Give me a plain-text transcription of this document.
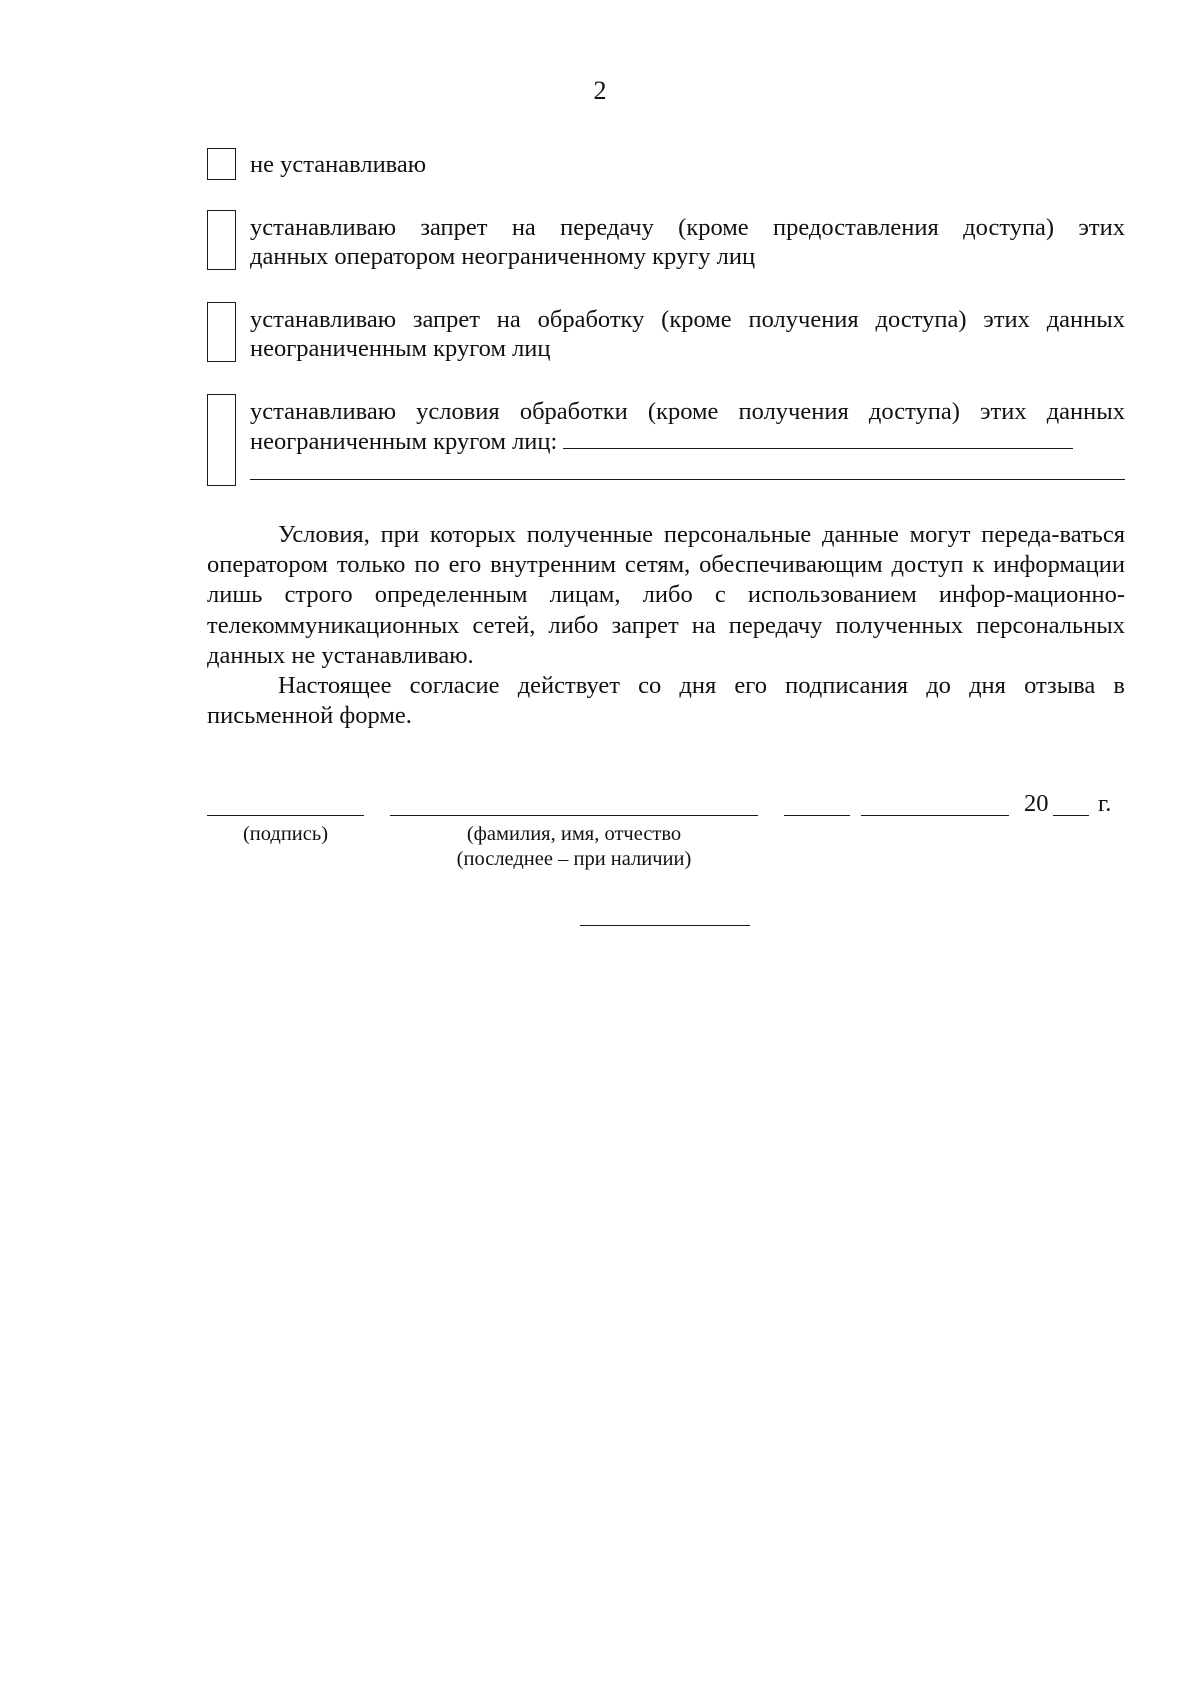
2
не устанавливаю
устанавливаю запрет на передачу (кроме предоставления доступа) этих
данных оператором неограниченному кругу лиц
устанавливаю запрет на обработку (кроме получения доступа) этих данных
неограниченным кругом лиц
устанавливаю условия обработки (кроме получения доступа) этих данных
неограниченным кругом лиц:
Условия, при которых полученные персональные данные могут переда-ваться оператором только по его внутренним сетям, обеспечивающим доступ к информации лишь строго определенным лицам, либо с использованием инфор-мационно-телекоммуникационных сетей, либо запрет на передачу полученных персональных данных не устанавливаю.
Настоящее согласие действует со дня его подписания до дня отзыва в письменной форме.
20 г.
(подпись)	(фамилия, имя, отчество
(последнее – при наличии)
